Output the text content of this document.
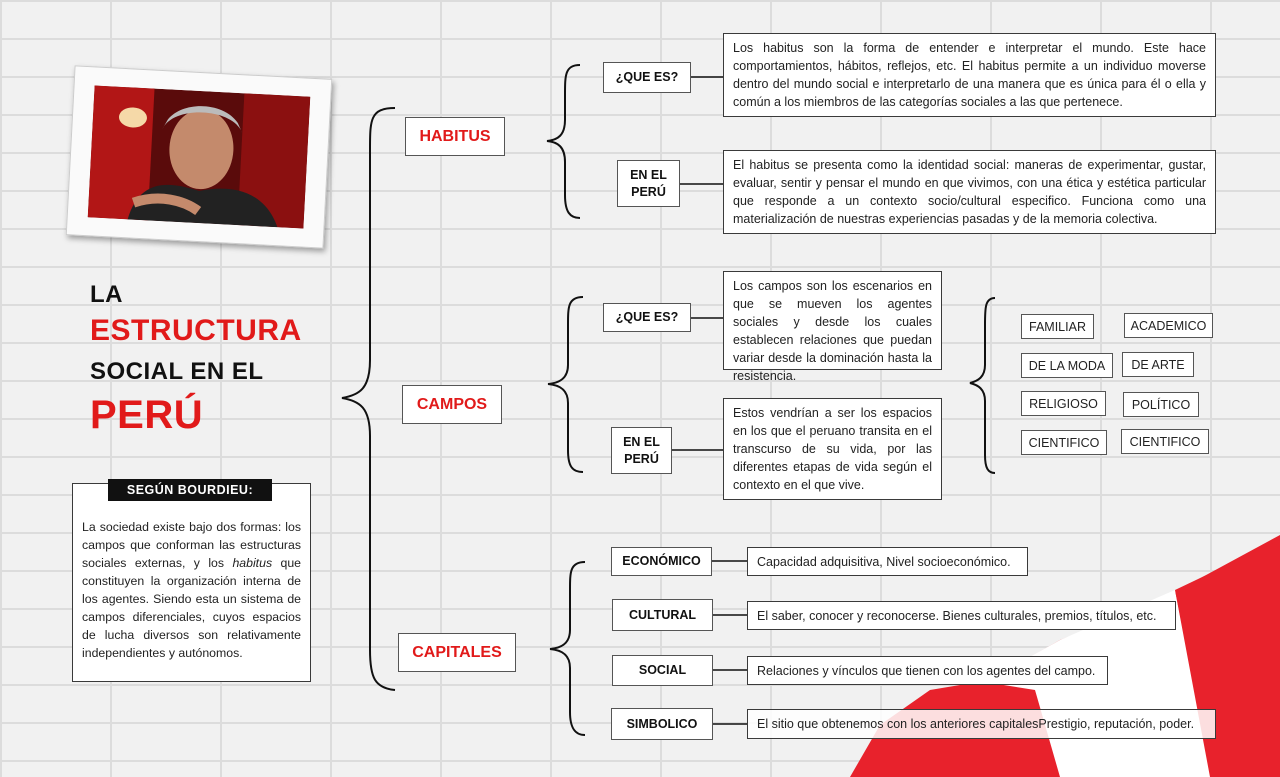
LA
ESTRUCTURA
SOCIAL EN EL
PERÚ
La sociedad existe bajo dos formas: los campos que conforman las estructuras sociales externas, y los habitus que constituyen la organización interna de los agentes. Siendo esta un sistema de campos diferenciales, cuyos espacios de lucha diversos son relativamente independientes y autónomos.
SEGÚN BOURDIEU:
HABITUS
CAMPOS
CAPITALES
¿QUE ES?
Los habitus son la forma de entender e interpretar el mundo. Este hace comportamientos, hábitos, reflejos, etc. El habitus permite a un individuo moverse dentro del mundo social e interpretarlo de una manera que es única para él o ella y común a los miembros de las categorías sociales a las que pertenece.
EN EL PERÚ
El habitus se presenta como la identidad social: maneras de experimentar, gustar, evaluar, sentir y pensar el mundo en que vivimos, con una ética y estética particular que responde a un contexto socio/cultural especifico. Funciona como una materialización de nuestras experiencias pasadas y de la memoria colectiva.
¿QUE ES?
Los campos son los escenarios en que se mueven los agentes sociales y desde los cuales establecen relaciones que puedan variar desde la dominación hasta la resistencia.
EN EL PERÚ
Estos vendrían a ser los espacios en los que el peruano transita en el transcurso de su vida, por las diferentes etapas de vida según el contexto en el que vive.
FAMILIAR	ACADEMICO
DE LA MODA	DE ARTE
RELIGIOSO	POLÍTICO
CIENTIFICO	CIENTIFICO
ECONÓMICO	Capacidad adquisitiva, Nivel socioeconómico.
CULTURAL	El saber, conocer y reconocerse. Bienes culturales, premios, títulos, etc.
SOCIAL	Relaciones y vínculos que tienen con los agentes del campo.
SIMBOLICO	El sitio que obtenemos con los anteriores capitalesPrestigio, reputación, poder.
